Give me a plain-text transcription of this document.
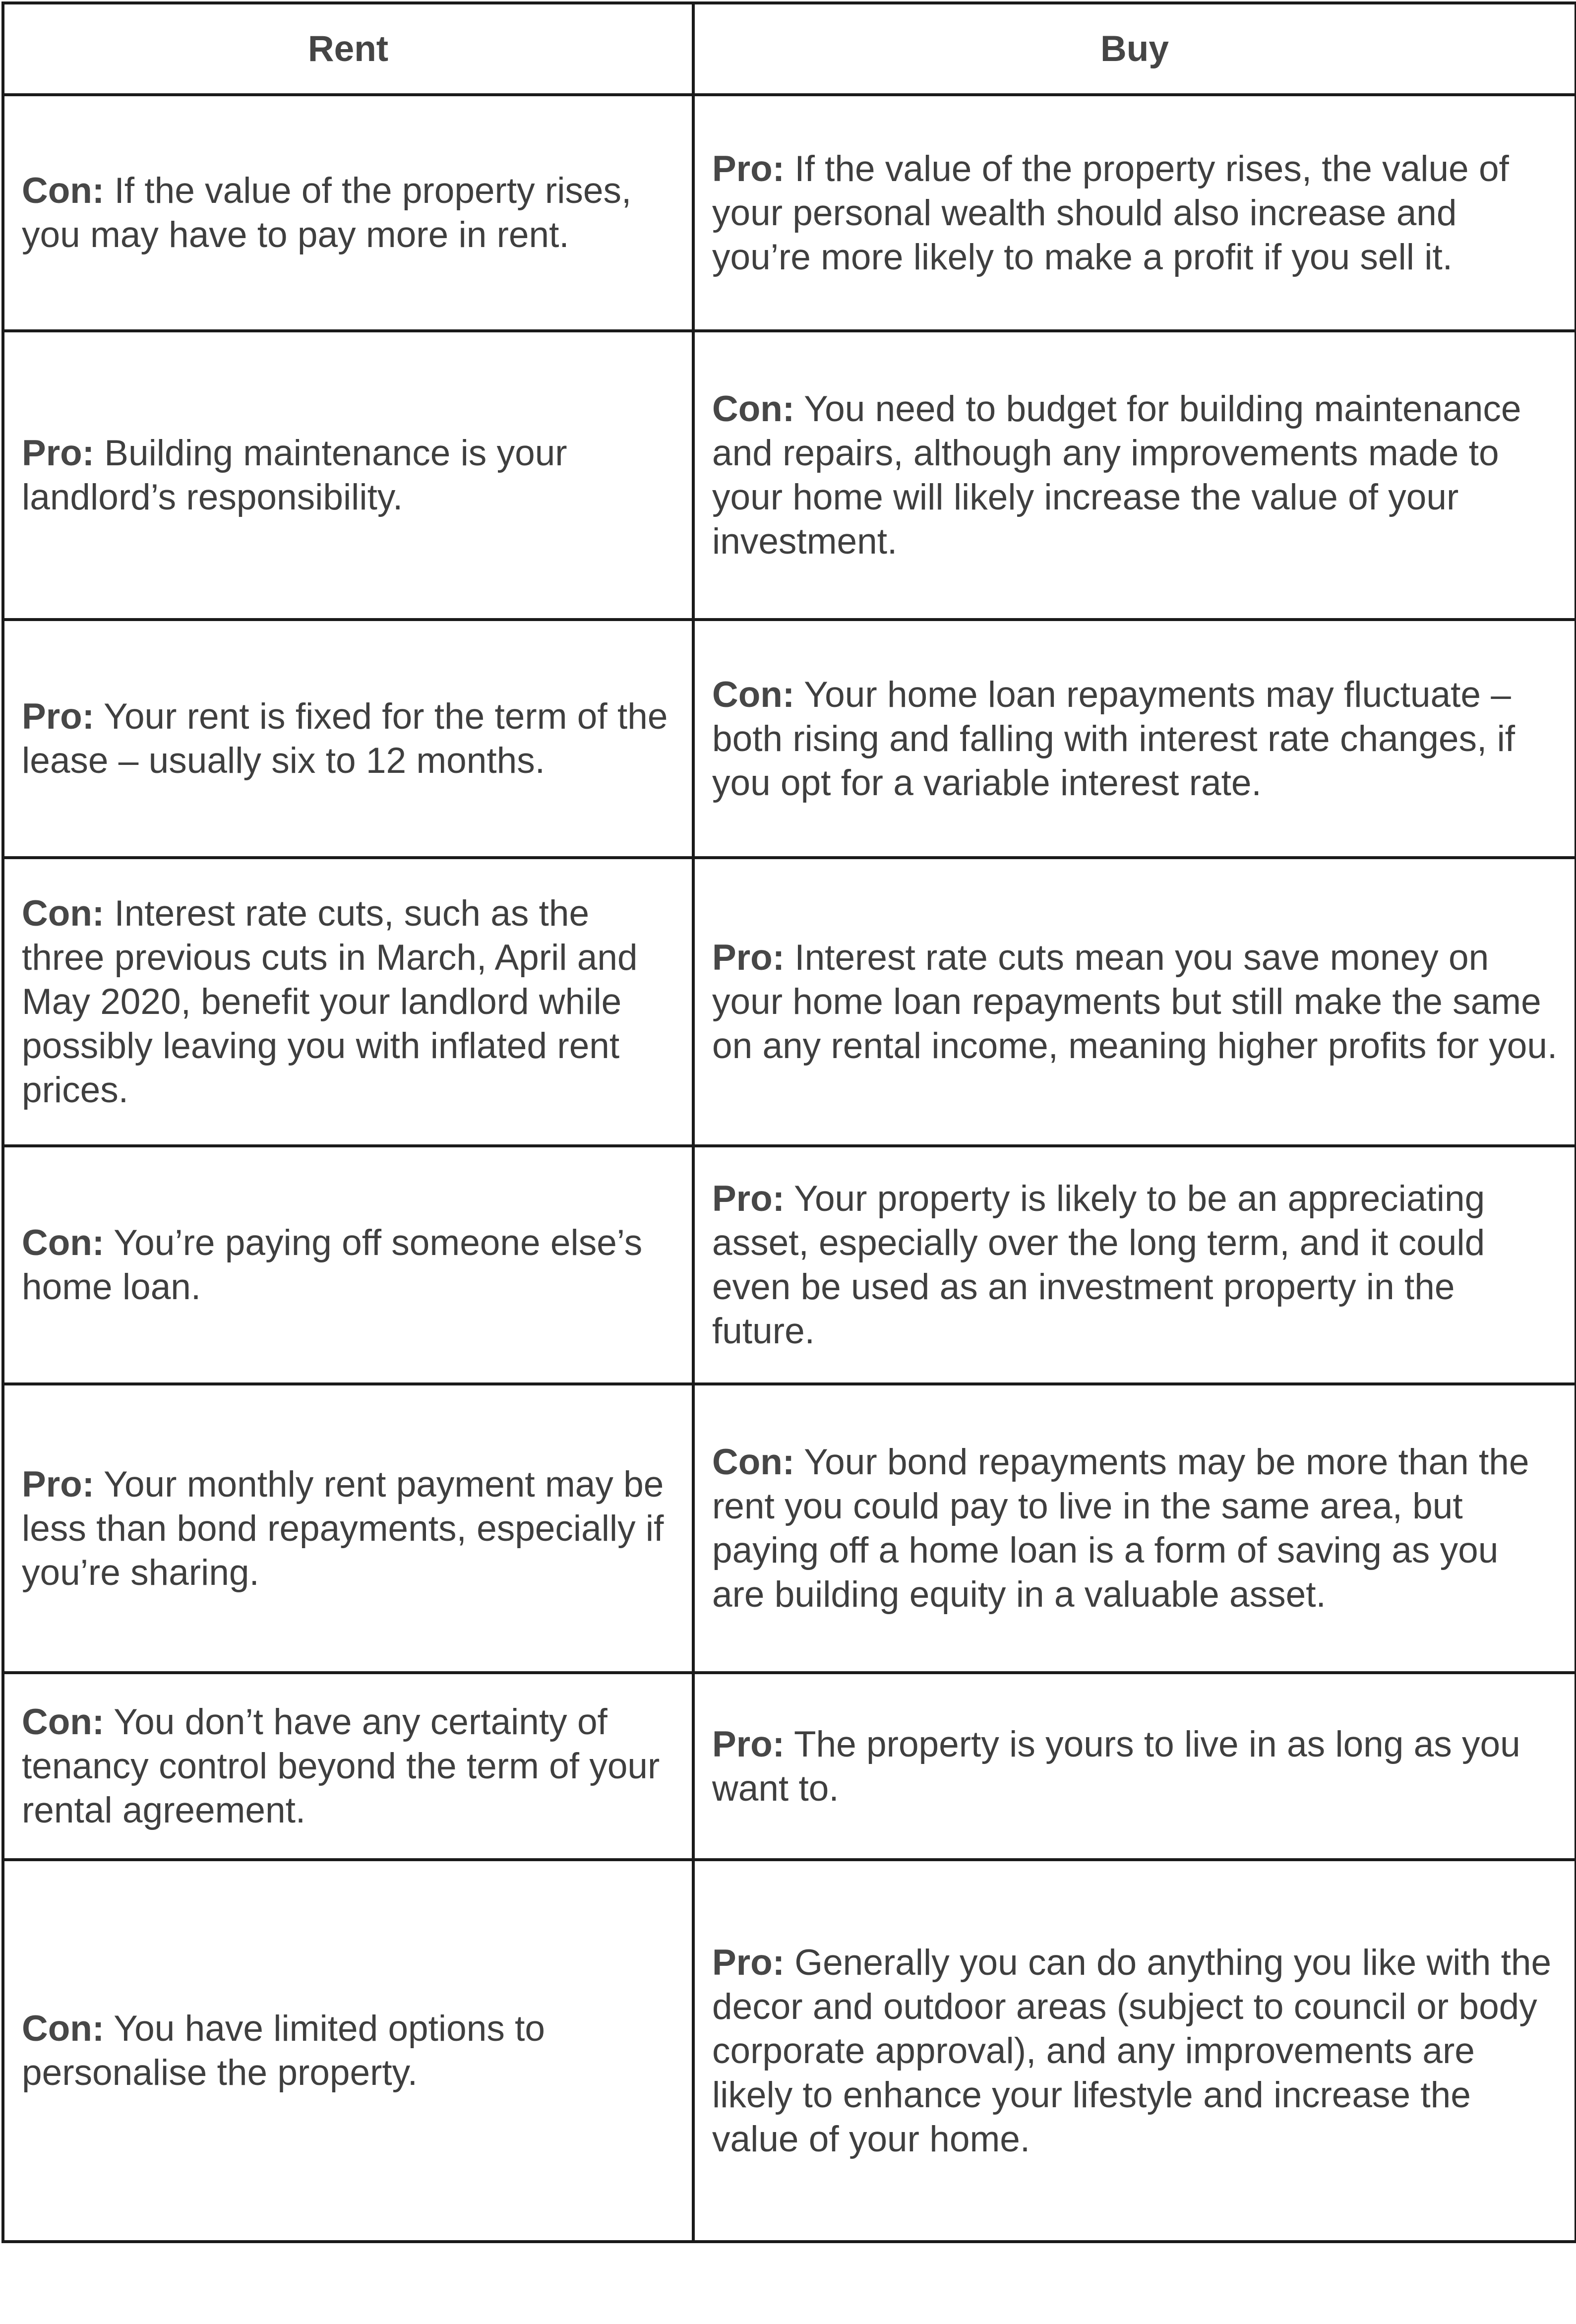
Rent	Buy
Con: If the value of the property rises, you may have to pay more in rent.	Pro: If the value of the property rises, the value of your personal wealth should also increase and you’re more likely to make a profit if you sell it.
Pro: Building maintenance is your landlord’s responsibility.	Con: You need to budget for building maintenance and repairs, although any improvements made to your home will likely increase the value of your investment.
Pro: Your rent is fixed for the term of the lease – usually six to 12 months.	Con: Your home loan repayments may fluctuate – both rising and falling with interest rate changes, if you opt for a variable interest rate.
Con: Interest rate cuts, such as the three previous cuts in March, April and May 2020, benefit your landlord while possibly leaving you with inflated rent prices.	Pro: Interest rate cuts mean you save money on your home loan repayments but still make the same on any rental income, meaning higher profits for you.
Con: You’re paying off someone else’s home loan.	Pro: Your property is likely to be an appreciating asset, especially over the long term, and it could even be used as an investment property in the future.
Pro: Your monthly rent payment may be less than bond repayments, especially if you’re sharing.	Con: Your bond repayments may be more than the rent you could pay to live in the same area, but paying off a home loan is a form of saving as you are building equity in a valuable asset.
Con: You don’t have any certainty of tenancy control beyond the term of your rental agreement.	Pro: The property is yours to live in as long as you want to.
Con: You have limited options to personalise the property.	Pro: Generally you can do anything you like with the decor and outdoor areas (subject to council or body corporate approval), and any improvements are likely to enhance your lifestyle and increase the value of your home.
